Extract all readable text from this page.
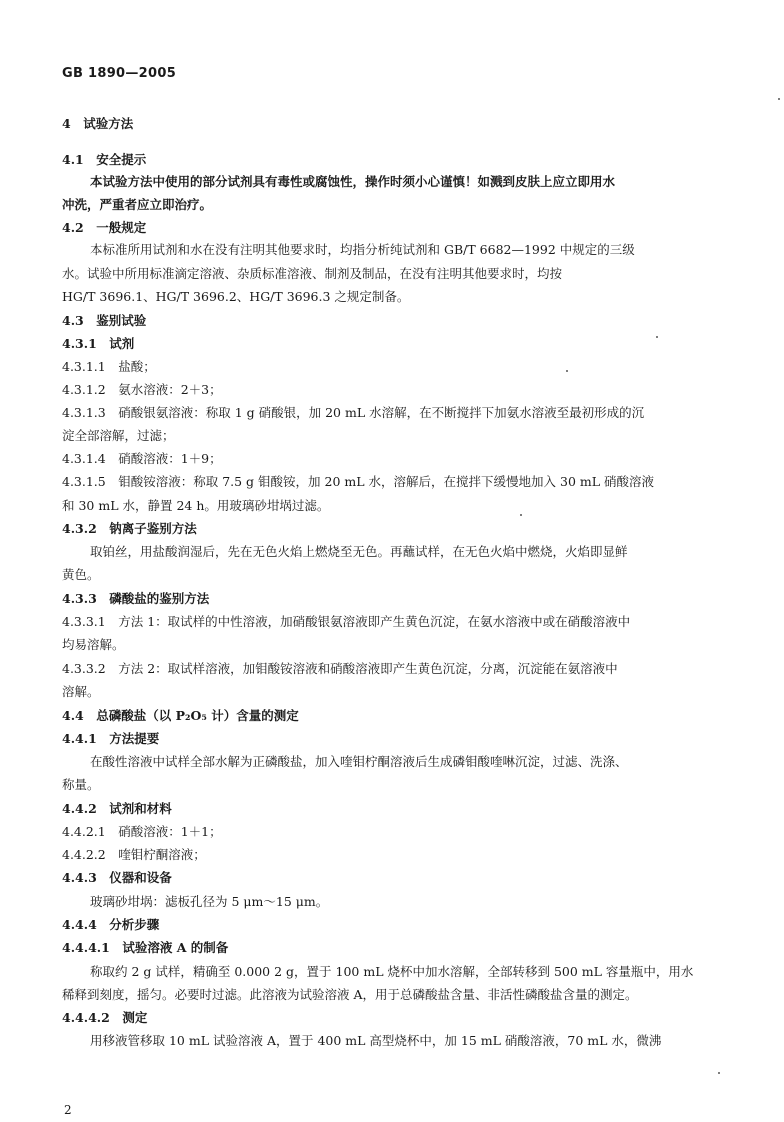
GB 1890—2005
4　试验方法
4.1　安全提示
本试验方法中使用的部分试剂具有毒性或腐蚀性，操作时须小心谨慎！如溅到皮肤上应立即用水
冲洗，严重者应立即治疗。
4.2　一般规定
本标准所用试剂和水在没有注明其他要求时，均指分析纯试剂和 GB/T 6682—1992 中规定的三级
水。试验中所用标准滴定溶液、杂质标准溶液、制剂及制品，在没有注明其他要求时，均按
HG/T 3696.1、HG/T 3696.2、HG/T 3696.3 之规定制备。
4.3　鉴别试验
4.3.1　试剂
4.3.1.1　盐酸；
4.3.1.2　氨水溶液：2＋3；
4.3.1.3　硝酸银氨溶液：称取 1 g 硝酸银，加 20 mL 水溶解，在不断搅拌下加氨水溶液至最初形成的沉
淀全部溶解，过滤；
4.3.1.4　硝酸溶液：1＋9；
4.3.1.5　钼酸铵溶液：称取 7.5 g 钼酸铵，加 20 mL 水，溶解后，在搅拌下缓慢地加入 30 mL 硝酸溶液
和 30 mL 水，静置 24 h。用玻璃砂坩埚过滤。
4.3.2　钠离子鉴别方法
取铂丝，用盐酸润湿后，先在无色火焰上燃烧至无色。再蘸试样，在无色火焰中燃烧，火焰即显鲜
黄色。
4.3.3　磷酸盐的鉴别方法
4.3.3.1　方法 1：取试样的中性溶液，加硝酸银氨溶液即产生黄色沉淀，在氨水溶液中或在硝酸溶液中
均易溶解。
4.3.3.2　方法 2：取试样溶液，加钼酸铵溶液和硝酸溶液即产生黄色沉淀，分离，沉淀能在氨溶液中
溶解。
4.4　总磷酸盐（以 P₂O₅ 计）含量的测定
4.4.1　方法提要
在酸性溶液中试样全部水解为正磷酸盐，加入喹钼柠酮溶液后生成磷钼酸喹啉沉淀，过滤、洗涤、
称量。
4.4.2　试剂和材料
4.4.2.1　硝酸溶液：1＋1；
4.4.2.2　喹钼柠酮溶液；
4.4.3　仪器和设备
玻璃砂坩埚：滤板孔径为 5 μm～15 μm。
4.4.4　分析步骤
4.4.4.1　试验溶液 A 的制备
称取约 2 g 试样，精确至 0.000 2 g，置于 100 mL 烧杯中加水溶解，全部转移到 500 mL 容量瓶中，用水
稀释到刻度，摇匀。必要时过滤。此溶液为试验溶液 A，用于总磷酸盐含量、非活性磷酸盐含量的测定。
4.4.4.2　测定
用移液管移取 10 mL 试验溶液 A，置于 400 mL 高型烧杯中，加 15 mL 硝酸溶液，70 mL 水，微沸
2
